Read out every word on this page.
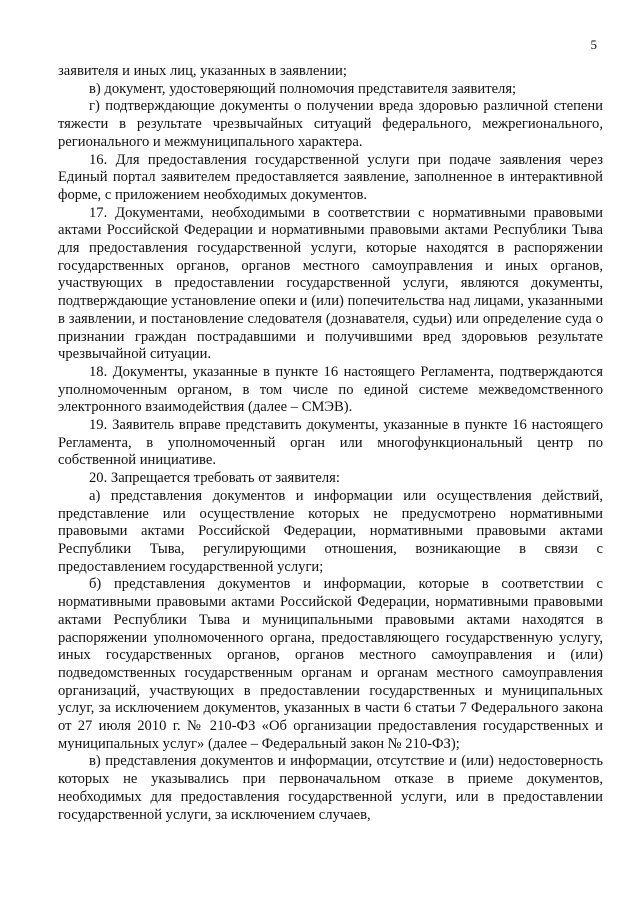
5

заявителя и иных лиц, указанных в заявлении;

в) документ, удостоверяющий полномочия представителя заявителя;

г) подтверждающие документы о получении вреда здоровью различной степени тяжести в результате чрезвычайных ситуаций федерального, межрегионального, регионального и межмуниципального характера.

16. Для предоставления государственной услуги при подаче заявления через Единый портал заявителем предоставляется заявление, заполненное в интерактивной форме, с приложением необходимых документов.

17. Документами, необходимыми в соответствии с нормативными правовыми актами Российской Федерации и нормативными правовыми актами Республики Тыва для предоставления государственной услуги, которые находятся в распоряжении государственных органов, органов местного самоуправления и иных органов, участвующих в предоставлении государственной услуги, являются документы, подтверждающие установление опеки и (или) попечительства над лицами, указанными в заявлении, и постановление следователя (дознавателя, судьи) или определение суда о признании граждан пострадавшими и получившими вред здоровьюв результате чрезвычайной ситуации.

18. Документы, указанные в пункте 16 настоящего Регламента, подтверждаются уполномоченным органом, в том числе по единой системе межведомственного электронного взаимодействия (далее – СМЭВ).

19. Заявитель вправе представить документы, указанные в пункте 16 настоящего Регламента, в уполномоченный орган или многофункциональный центр по собственной инициативе.

20. Запрещается требовать от заявителя:

а) представления документов и информации или осуществления действий, представление или осуществление которых не предусмотрено нормативными правовыми актами Российской Федерации, нормативными правовыми актами Республики Тыва, регулирующими отношения, возникающие в связи с предоставлением государственной услуги;

б) представления документов и информации, которые в соответствии с нормативными правовыми актами Российской Федерации, нормативными правовыми актами Республики Тыва и муниципальными правовыми актами находятся в распоряжении уполномоченного органа, предоставляющего государственную услугу, иных государственных органов, органов местного самоуправления и (или) подведомственных государственным органам и органам местного самоуправления организаций, участвующих в предоставлении государственных и муниципальных услуг, за исключением документов, указанных в части 6 статьи 7 Федерального закона от 27 июля 2010 г. № 210-ФЗ «Об организации предоставления государственных и муниципальных услуг» (далее – Федеральный закон № 210-ФЗ);

в) представления документов и информации, отсутствие и (или) недостоверность которых не указывались при первоначальном отказе в приеме документов, необходимых для предоставления государственной услуги, или в предоставлении государственной услуги, за исключением случаев,
